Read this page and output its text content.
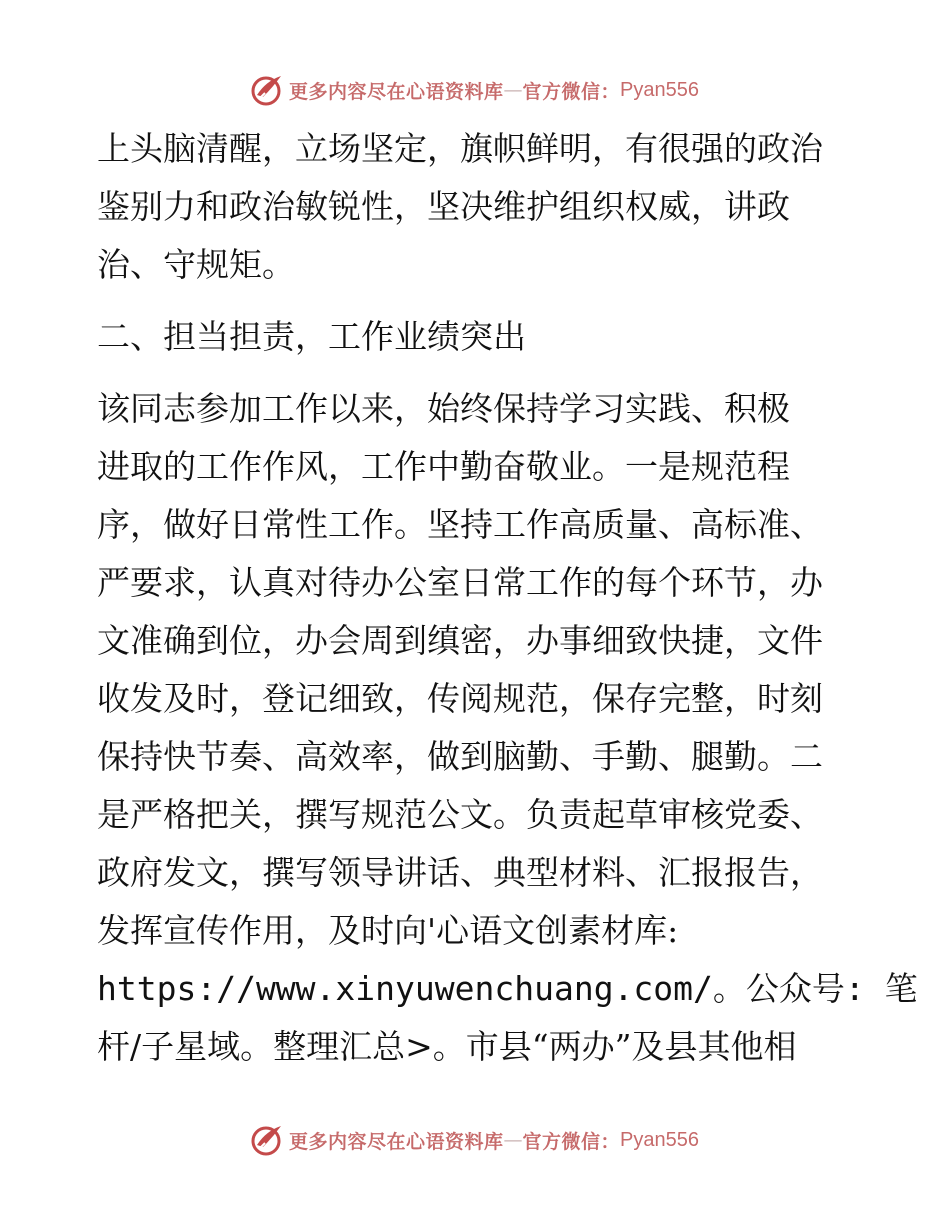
更多内容尽在心语资料库 — 官方微信： Pyan556
上头脑清醒，立场坚定，旗帜鲜明，有很强的政治
鉴别力和政治敏锐性，坚决维护组织权威，讲政
治、守规矩。
二、担当担责，工作业绩突出
该同志参加工作以来，始终保持学习实践、积极
进取的工作作风，工作中勤奋敬业。一是规范程
序，做好日常性工作。坚持工作高质量、高标准、
严要求，认真对待办公室日常工作的每个环节，办
文准确到位，办会周到缜密，办事细致快捷，文件
收发及时，登记细致，传阅规范，保存完整，时刻
保持快节奏、高效率，做到脑勤、手勤、腿勤。二
是严格把关，撰写规范公文。负责起草审核党委、
政府发文，撰写领导讲话、典型材料、汇报报告，
发挥宣传作用，及时向'心语文创素材库:
https://www.xinyuwenchuang.com/。公众号: 笔
杆/子星域。整理汇总>。市县“两办”及县其他相
更多内容尽在心语资料库 — 官方微信： Pyan556
